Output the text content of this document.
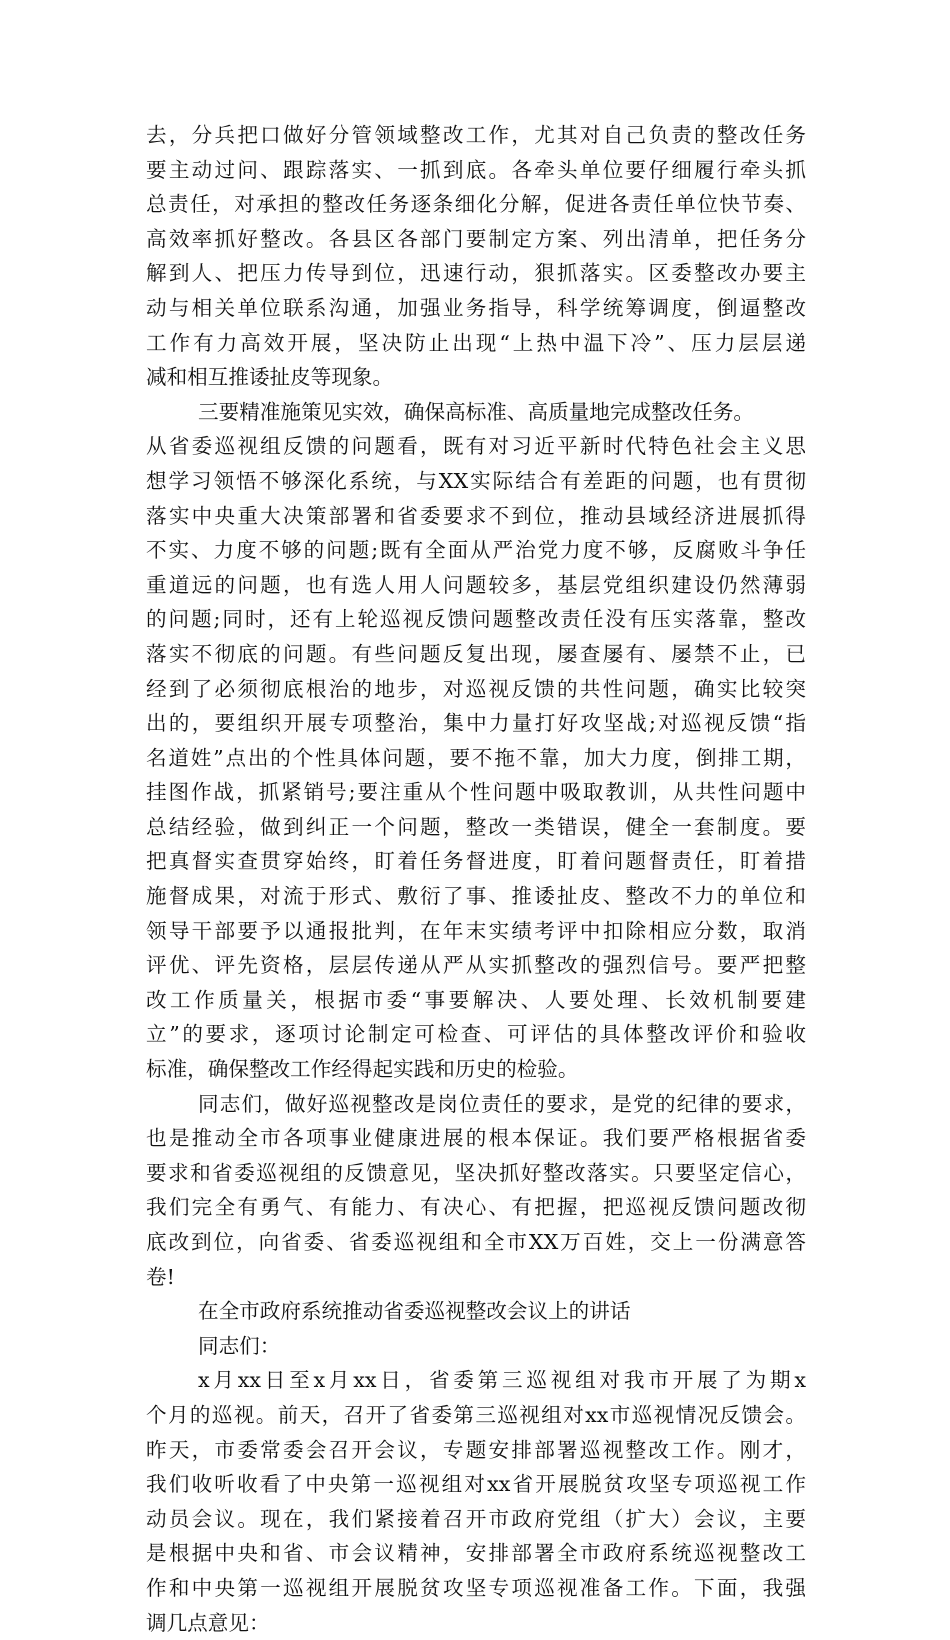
去，分兵把口做好分管领域整改工作，尤其对自己负责的整改任务
要主动过问、跟踪落实、一抓到底。各牵头单位要仔细履行牵头抓
总责任，对承担的整改任务逐条细化分解，促进各责任单位快节奏、
高效率抓好整改。各县区各部门要制定方案、列出清单，把任务分
解到人、把压力传导到位，迅速行动，狠抓落实。区委整改办要主
动与相关单位联系沟通，加强业务指导，科学统筹调度，倒逼整改
工作有力高效开展，坚决防止出现“上热中温下冷”、压力层层递
减和相互推诿扯皮等现象。
三要精准施策见实效，确保高标准、高质量地完成整改任务。
从省委巡视组反馈的问题看，既有对习近平新时代特色社会主义思
想学习领悟不够深化系统，与XX实际结合有差距的问题，也有贯彻
落实中央重大决策部署和省委要求不到位，推动县域经济进展抓得
不实、力度不够的问题;既有全面从严治党力度不够，反腐败斗争任
重道远的问题，也有选人用人问题较多，基层党组织建设仍然薄弱
的问题;同时，还有上轮巡视反馈问题整改责任没有压实落靠，整改
落实不彻底的问题。有些问题反复出现，屡查屡有、屡禁不止，已
经到了必须彻底根治的地步，对巡视反馈的共性问题，确实比较突
出的，要组织开展专项整治，集中力量打好攻坚战;对巡视反馈“指
名道姓”点出的个性具体问题，要不拖不靠，加大力度，倒排工期，
挂图作战，抓紧销号;要注重从个性问题中吸取教训，从共性问题中
总结经验，做到纠正一个问题，整改一类错误，健全一套制度。要
把真督实查贯穿始终，盯着任务督进度，盯着问题督责任，盯着措
施督成果，对流于形式、敷衍了事、推诿扯皮、整改不力的单位和
领导干部要予以通报批判，在年末实绩考评中扣除相应分数，取消
评优、评先资格，层层传递从严从实抓整改的强烈信号。要严把整
改工作质量关，根据市委“事要解决、人要处理、长效机制要建
立”的要求，逐项讨论制定可检查、可评估的具体整改评价和验收
标准，确保整改工作经得起实践和历史的检验。
同志们，做好巡视整改是岗位责任的要求，是党的纪律的要求，
也是推动全市各项事业健康进展的根本保证。我们要严格根据省委
要求和省委巡视组的反馈意见，坚决抓好整改落实。只要坚定信心，
我们完全有勇气、有能力、有决心、有把握，把巡视反馈问题改彻
底改到位，向省委、省委巡视组和全市XX万百姓，交上一份满意答
卷!
在全市政府系统推动省委巡视整改会议上的讲话
同志们：
x月xx日至x月xx日，省委第三巡视组对我市开展了为期x
个月的巡视。前天，召开了省委第三巡视组对xx市巡视情况反馈会。
昨天，市委常委会召开会议，专题安排部署巡视整改工作。刚才，
我们收听收看了中央第一巡视组对xx省开展脱贫攻坚专项巡视工作
动员会议。现在，我们紧接着召开市政府党组（扩大）会议，主要
是根据中央和省、市会议精神，安排部署全市政府系统巡视整改工
作和中央第一巡视组开展脱贫攻坚专项巡视准备工作。下面，我强
调几点意见：
